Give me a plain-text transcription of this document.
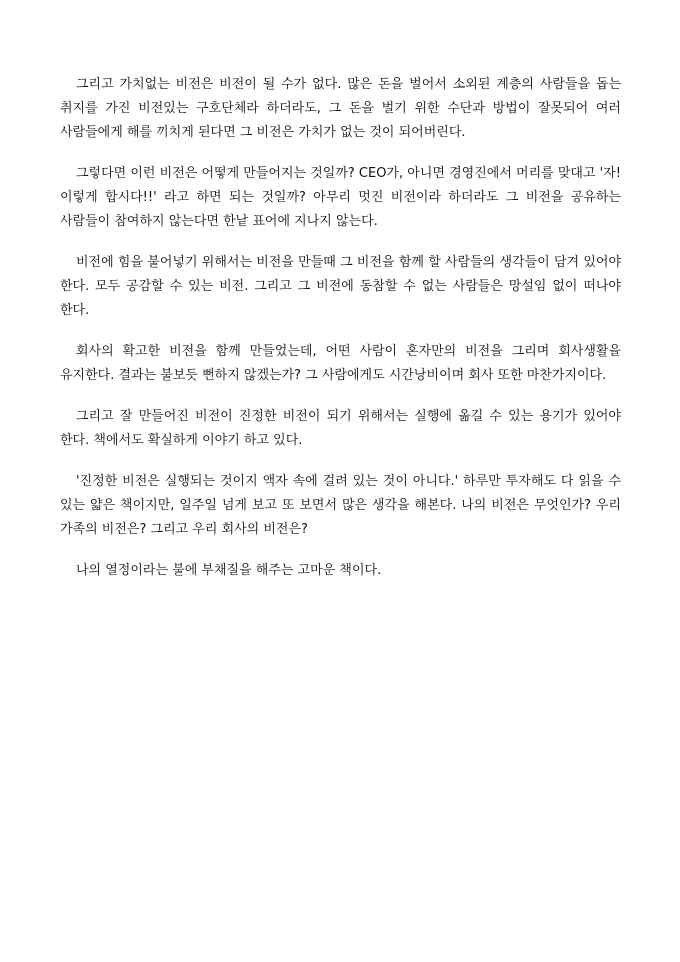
그리고 가치없는 비전은 비전이 될 수가 없다. 많은 돈을 벌어서 소외된 계층의 사람들을 돕는 취지를 가진 비전있는 구호단체라 하더라도, 그 돈을 벌기 위한 수단과 방법이 잘못되어 여러 사람들에게 해를 끼치게 된다면 그 비전은 가치가 없는 것이 되어버린다.

그렇다면 이런 비전은 어떻게 만들어지는 것일까? CEO가, 아니면 경영진에서 머리를 맞대고 '자! 이렇게 합시다!!' 라고 하면 되는 것일까? 아무리 멋진 비전이라 하더라도 그 비전을 공유하는 사람들이 참여하지 않는다면 한낱 표어에 지나지 않는다.

비전에 힘을 불어넣기 위해서는 비전을 만들때 그 비전을 함께 할 사람들의 생각들이 담겨 있어야 한다. 모두 공감할 수 있는 비전. 그리고 그 비전에 동참할 수 없는 사람들은 망설임 없이 떠나야 한다.

회사의 확고한 비전을 함께 만들었는데, 어떤 사람이 혼자만의 비전을 그리며 회사생활을 유지한다. 결과는 불보듯 뻔하지 않겠는가? 그 사람에게도 시간낭비이며 회사 또한 마찬가지이다.

그리고 잘 만들어진 비전이 진정한 비전이 되기 위해서는 실행에 옮길 수 있는 용기가 있어야 한다. 책에서도 확실하게 이야기 하고 있다.

'진정한 비전은 실행되는 것이지 액자 속에 걸려 있는 것이 아니다.' 하루만 투자해도 다 읽을 수 있는 얇은 책이지만, 일주일 넘게 보고 또 보면서 많은 생각을 해본다. 나의 비전은 무엇인가? 우리 가족의 비전은? 그리고 우리 회사의 비전은?

나의 열정이라는 불에 부채질을 해주는 고마운 책이다.
